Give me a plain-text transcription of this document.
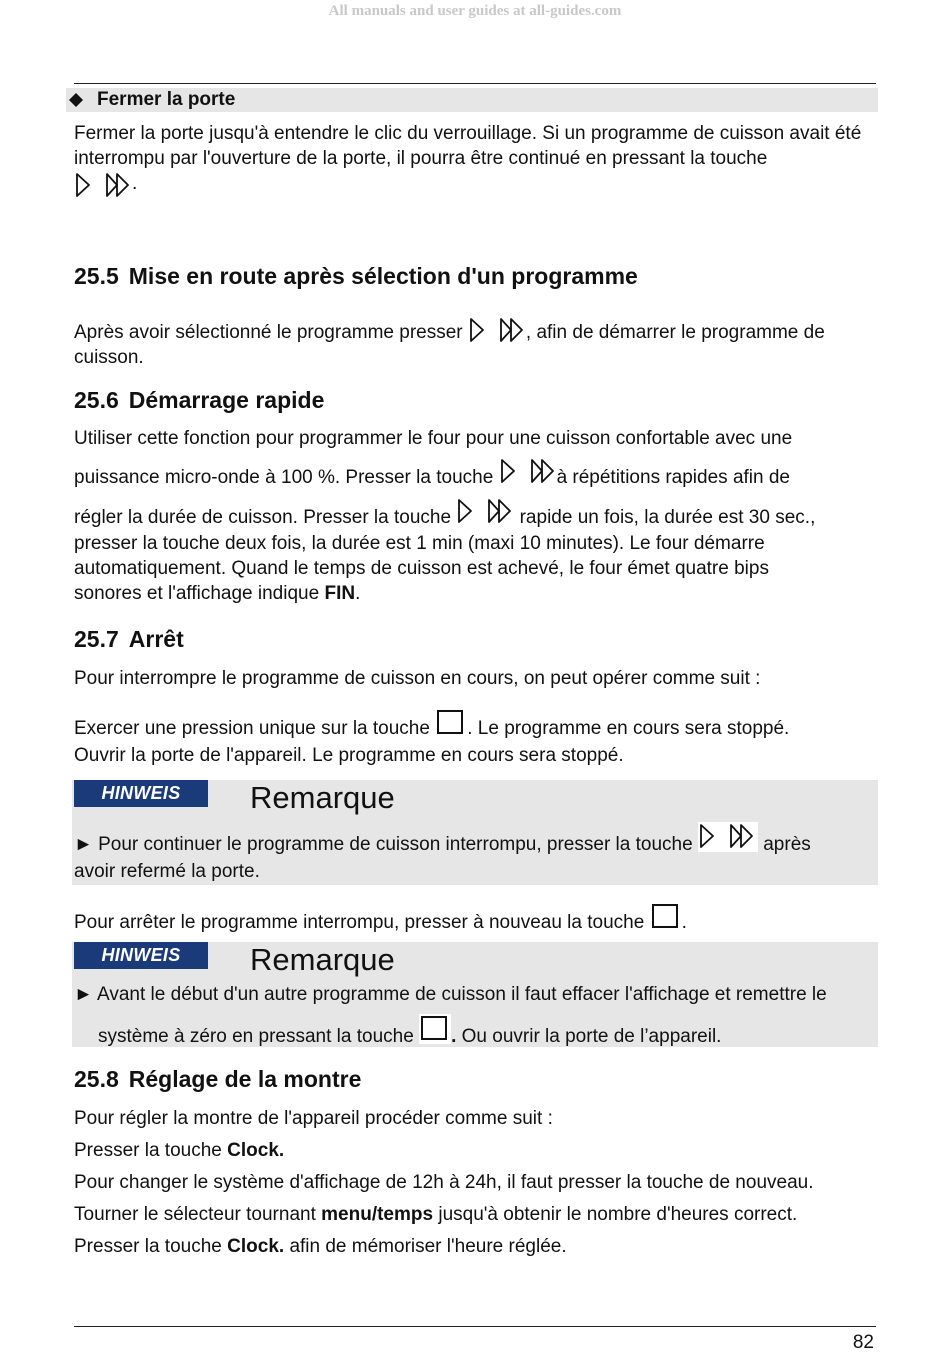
All manuals and user guides at all-guides.com
Fermer la porte
Fermer la porte jusqu'à entendre le clic du verrouillage. Si un programme de cuisson avait été interrompu par l'ouverture de la porte, il pourra être continué en pressant la touche

.
25.5 Mise en route après sélection d'un programme
Après avoir sélectionné le programme presser	, afin de démarrer le programme de cuisson.
25.6 Démarrage rapide
Utiliser cette fonction pour programmer le four pour une cuisson confortable avec une
puissance micro-onde à 100 %. Presser la touche	à répétitions rapides afin de
régler la durée de cuisson. Presser la touche	rapide un fois, la durée est 30 sec.,
presser la touche deux fois, la durée est 1 min (maxi 10 minutes). Le four démarre
automatiquement. Quand le temps de cuisson est achevé, le four émet quatre bips
sonores et l'affichage indique FIN.
25.7 Arrêt
Pour interrompre le programme de cuisson en cours, on peut opérer comme suit :
Exercer une pression unique sur la touche . Le programme en cours sera stoppé.
Ouvrir la porte de l'appareil. Le programme en cours sera stoppé.
HINWEIS	Remarque
► Pour continuer le programme de cuisson interrompu, presser la touche	après
avoir refermé la porte.
Pour arrêter le programme interrompu, presser à nouveau la touche .
HINWEIS	Remarque
► Avant le début d'un autre programme de cuisson il faut effacer l'affichage et remettre le
système à zéro en pressant la touche . Ou ouvrir la porte de l’appareil.
25.8 Réglage de la montre
Pour régler la montre de l'appareil procéder comme suit :
Presser la touche Clock.
Pour changer le système d'affichage de 12h à 24h, il faut presser la touche de nouveau.
Tourner le sélecteur tournant menu/temps jusqu'à obtenir le nombre d'heures correct.
Presser la touche Clock. afin de mémoriser l'heure réglée.
82
